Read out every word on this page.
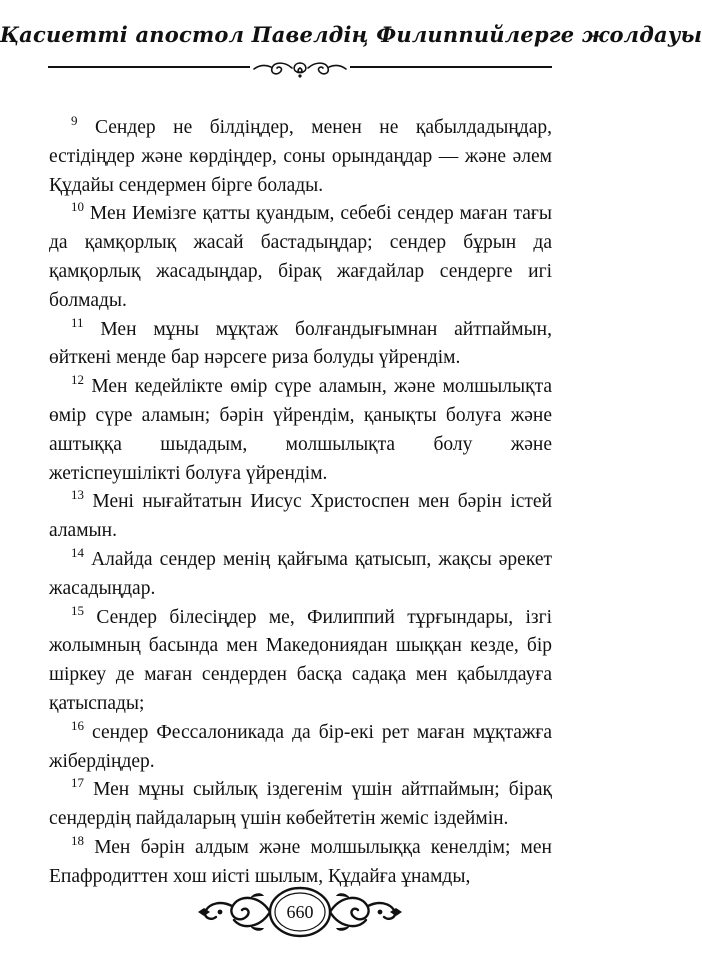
Қасиетті апостол Павелдің Филиппийлерге жолдауы

$^9$ Сендер не білдіңдер, менен не қабылдадыңдар, естідіңдер және көрдіңдер, соны орындаңдар — және әлем Құдайы сендермен бірге болады.

$^{10}$ Мен Иемізге қатты қуандым, себебі сендер маған тағы да қамқорлық жасай бастадыңдар; сендер бұрын да қамқорлық жасадыңдар, бірақ жағдайлар сендерге игі болмады.

$^{11}$ Мен мұны мұқтаж болғандығымнан айтпаймын, өйткені менде бар нәрсеге риза болуды үйрендім.

$^{12}$ Мен кедейлікте өмір сүре аламын, және молшылықта өмір сүре аламын; бәрін үйрендім, қанықты болуға және аштыққа шыдадым, молшылықта болу және жетіспеушілікті болуға үйрендім.

$^{13}$ Мені нығайтатын Иисус Христоспен мен бәрін істей аламын.

$^{14}$ Алайда сендер менің қайғыма қатысып, жақсы әрекет жасадыңдар.

$^{15}$ Сендер білесіңдер ме, Филиппий тұрғындары, ізгі жолымның басында мен Македониядан шыққан кезде, бір шіркеу де маған сендерден басқа садақа мен қабылдауға қатыспады;

$^{16}$ сендер Фессалоникада да бір-екі рет маған мұқтажға жібердіңдер.

$^{17}$ Мен мұны сыйлық іздегенім үшін айтпаймын; бірақ сендердің пайдаларың үшін көбейтетін жеміс іздеймін.

$^{18}$ Мен бәрін алдым және молшылыққа кенелдім; мен Епафродиттен хош иісті шылым, Құдайға ұнамды,

660
